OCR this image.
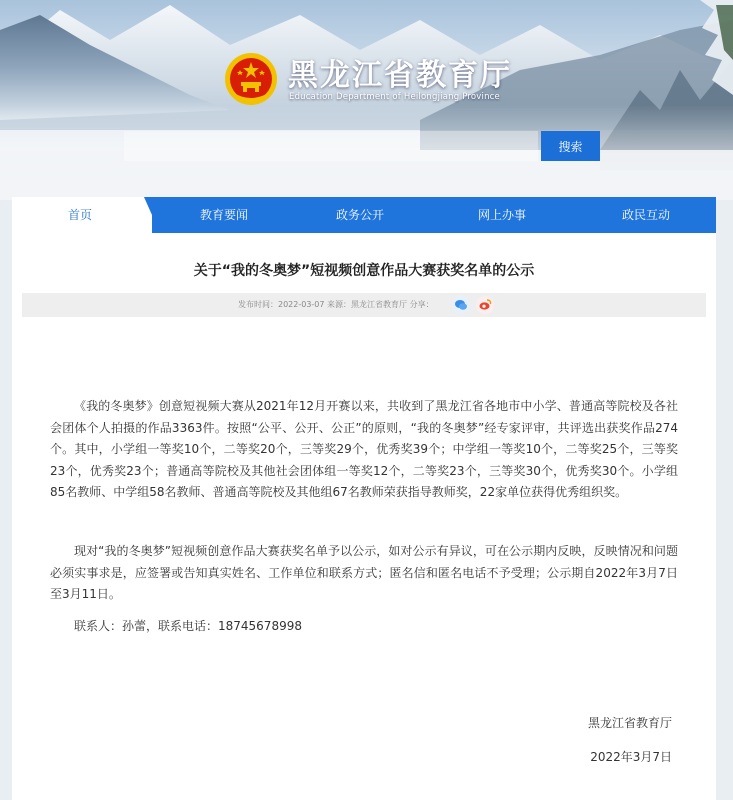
黑龙江省教育厅
Education Department of Heilongjiang Province
搜索
首页	教育要闻	政务公开	网上办事	政民互动
关于“我的冬奥梦”短视频创意作品大赛获奖名单的公示
发布时间：2022-03-07 来源：黑龙江省教育厅 分享：

《我的冬奥梦》创意短视频大赛从2021年12月开赛以来，共收到了黑龙江省各地市中小学、普通高等院校及各社会团体个人拍摄的作品3363件。按照“公平、公开、公正”的原则，“我的冬奥梦”经专家评审，共评选出获奖作品274个。其中，小学组一等奖10个，二等奖20个，三等奖29个，优秀奖39个；中学组一等奖10个，二等奖25个，三等奖23个，优秀奖23个；普通高等院校及其他社会团体组一等奖12个，二等奖23个，三等奖30个，优秀奖30个。小学组85名教师、中学组58名教师、普通高等院校及其他组67名教师荣获指导教师奖，22家单位获得优秀组织奖。

现对“我的冬奥梦”短视频创意作品大赛获奖名单予以公示，如对公示有异议，可在公示期内反映，反映情况和问题必须实事求是，应签署或告知真实姓名、工作单位和联系方式；匿名信和匿名电话不予受理；公示期自2022年3月7日至3月11日。

联系人：孙蕾，联系电话：18745678998
黑龙江省教育厅
2022年3月7日
